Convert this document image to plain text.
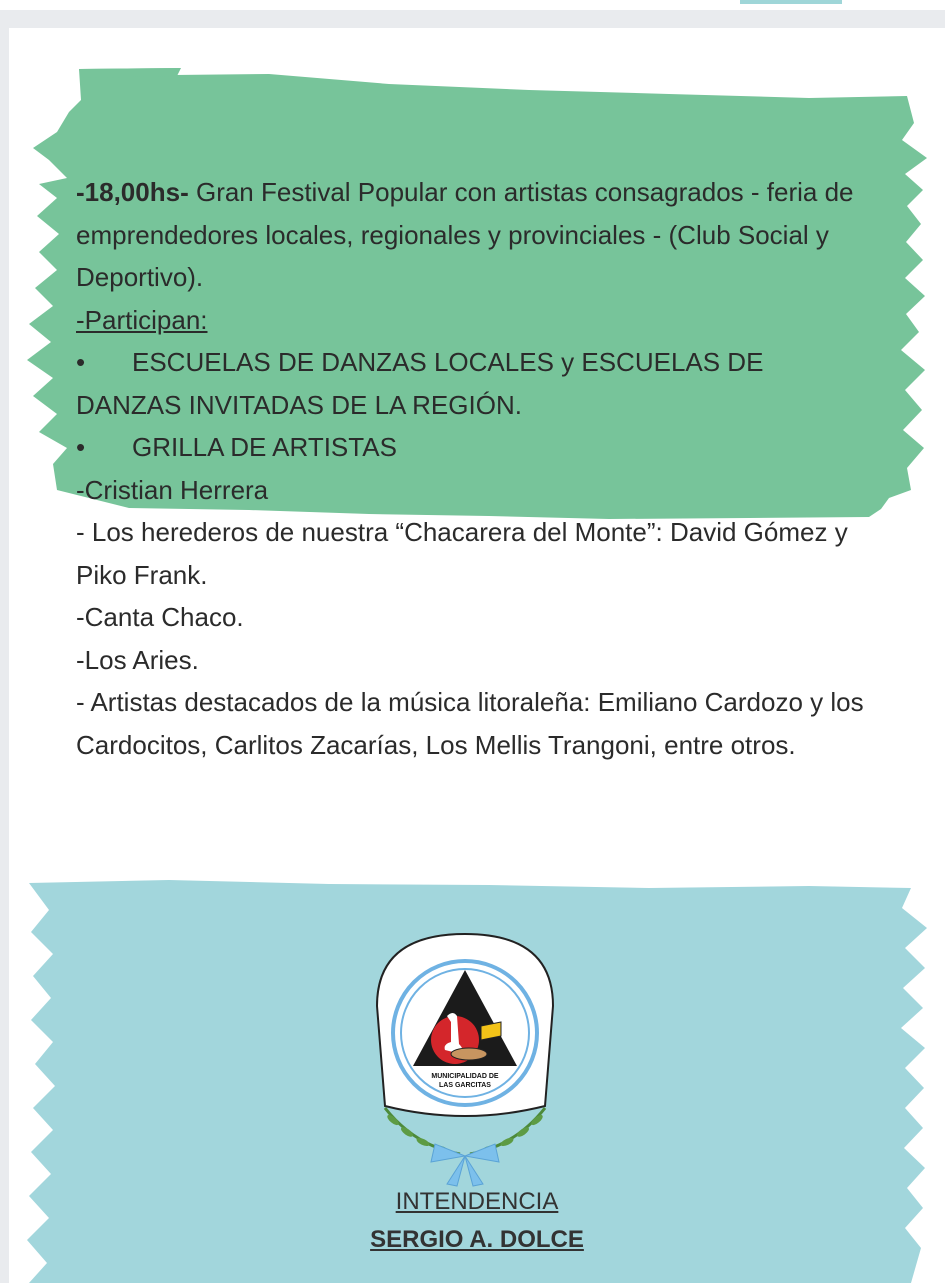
-18,00hs- Gran Festival Popular con artistas consagrados - feria de emprendedores locales, regionales y provinciales - (Club Social y Deportivo).

-Participan:

• ESCUELAS DE DANZAS LOCALES y ESCUELAS DE DANZAS INVITADAS DE LA REGIÓN.

• GRILLA DE ARTISTAS

-Cristian Herrera

- Los herederos de nuestra “Chacarera del Monte”: David Gómez y Piko Frank.

-Canta Chaco.

-Los Aries.

- Artistas destacados de la música litoraleña: Emiliano Cardozo y los Cardocitos, Carlitos Zacarías, Los Mellis Trangoni, entre otros.

MUNICIPALIDAD DE
LAS GARCITAS
INTENDENCIA
SERGIO A. DOLCE
